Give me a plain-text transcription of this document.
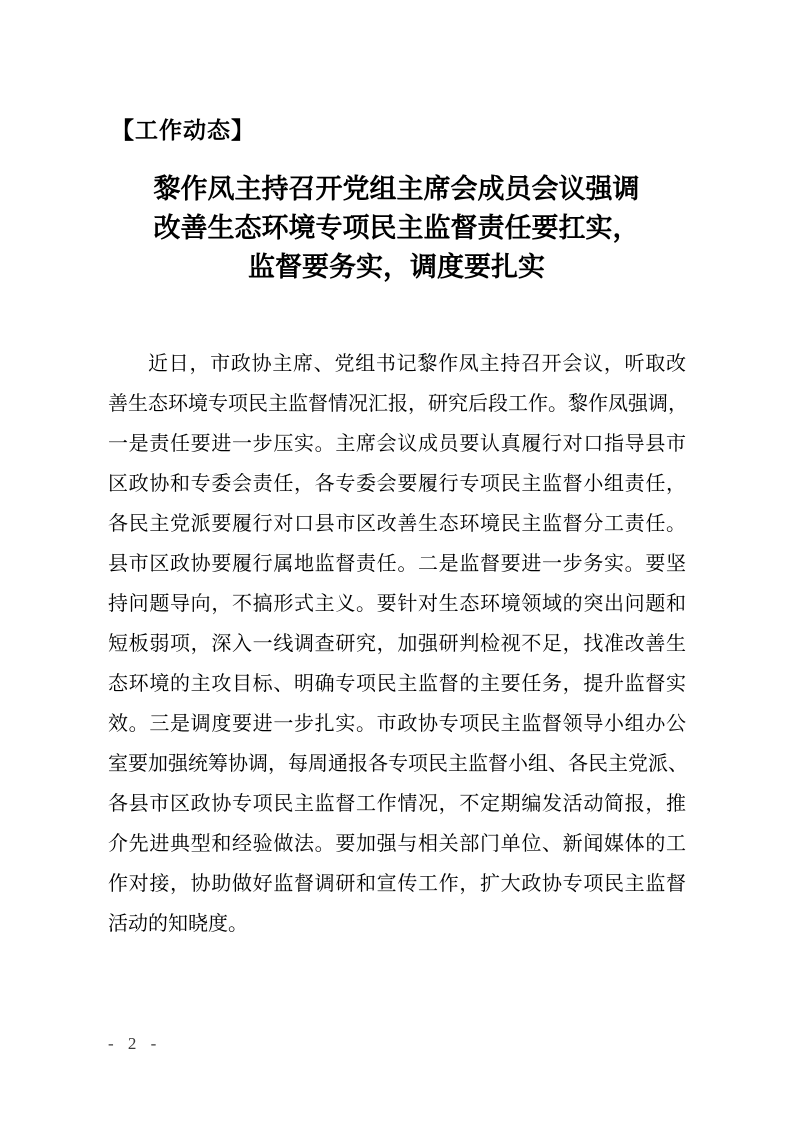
【工作动态】
黎作凤主持召开党组主席会成员会议强调
改善生态环境专项民主监督责任要扛实，
监督要务实，调度要扎实
近日，市政协主席、党组书记黎作凤主持召开会议，听取改
善生态环境专项民主监督情况汇报，研究后段工作。黎作凤强调，
一是责任要进一步压实。主席会议成员要认真履行对口指导县市
区政协和专委会责任，各专委会要履行专项民主监督小组责任，
各民主党派要履行对口县市区改善生态环境民主监督分工责任。
县市区政协要履行属地监督责任。二是监督要进一步务实。要坚
持问题导向，不搞形式主义。要针对生态环境领域的突出问题和
短板弱项，深入一线调查研究，加强研判检视不足，找准改善生
态环境的主攻目标、明确专项民主监督的主要任务，提升监督实
效。三是调度要进一步扎实。市政协专项民主监督领导小组办公
室要加强统筹协调，每周通报各专项民主监督小组、各民主党派、
各县市区政协专项民主监督工作情况，不定期编发活动简报，推
介先进典型和经验做法。要加强与相关部门单位、新闻媒体的工
作对接，协助做好监督调研和宣传工作，扩大政协专项民主监督
活动的知晓度。
- 2 -
